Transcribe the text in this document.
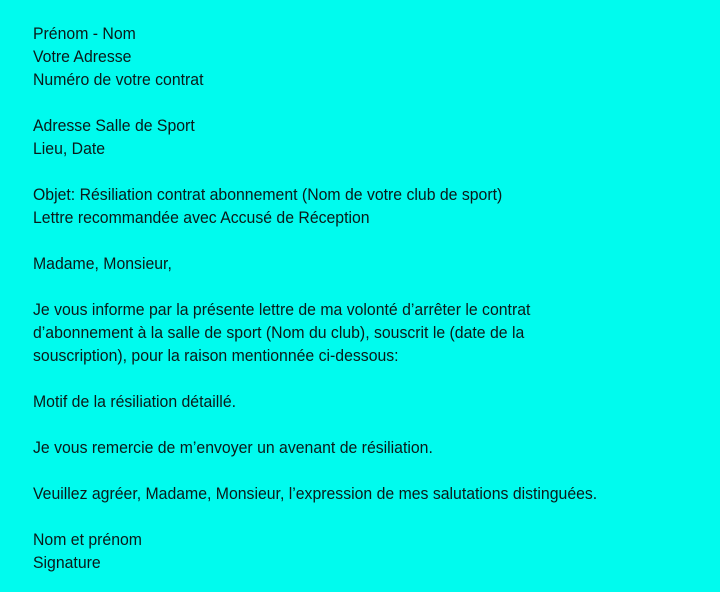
Prénom - Nom
Votre Adresse
Numéro de votre contrat
Adresse Salle de Sport
Lieu, Date
Objet: Résiliation contrat abonnement (Nom de votre club de sport)
Lettre recommandée avec Accusé de Réception
Madame, Monsieur,
Je vous informe par la présente lettre de ma volonté d’arrêter le contrat
d’abonnement à la salle de sport (Nom du club), souscrit le (date de la
souscription), pour la raison mentionnée ci-dessous:
Motif de la résiliation détaillé.
Je vous remercie de m’envoyer un avenant de résiliation.
Veuillez agréer, Madame, Monsieur, l’expression de mes salutations distinguées.
Nom et prénom
Signature
